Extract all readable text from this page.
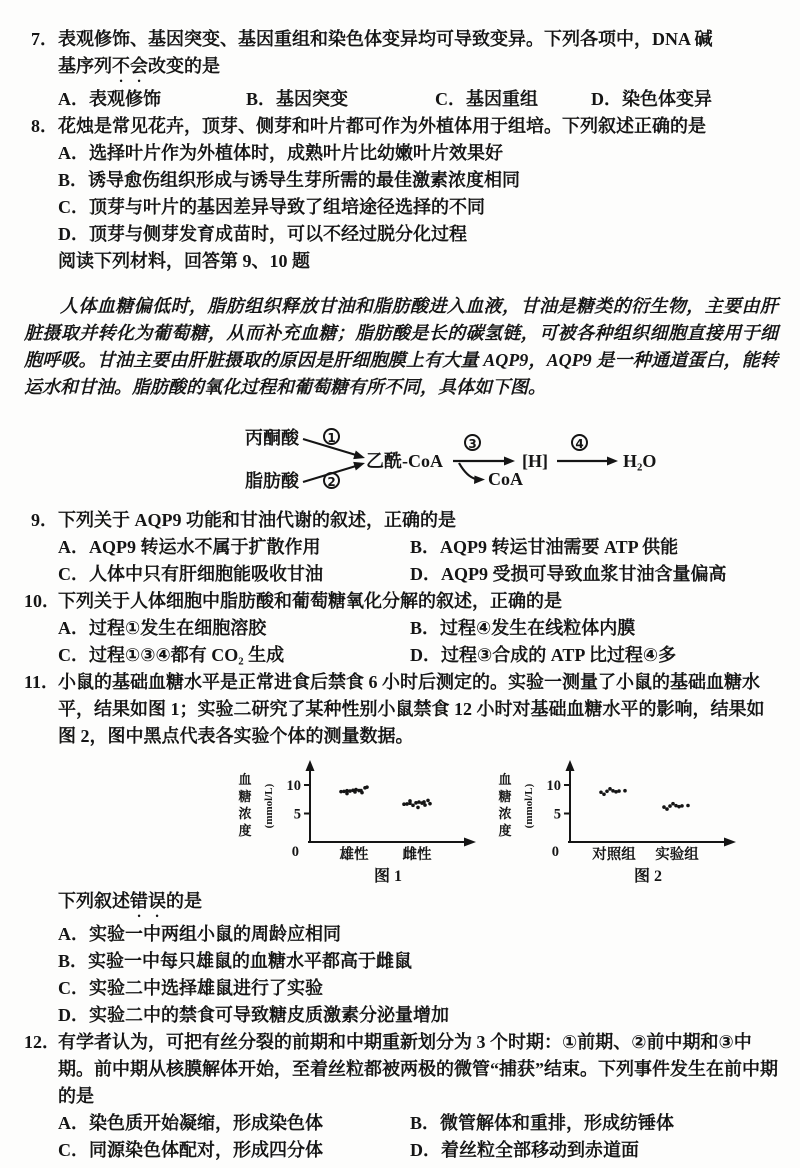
7． 表观修饰、基因突变、基因重组和染色体变异均可导致变异。下列各项中，DNA 碱
基序列不会改变的是
A．表观修饰	B．基因突变	C．基因重组	D．染色体变异
8． 花烛是常见花卉，顶芽、侧芽和叶片都可作为外植体用于组培。下列叙述正确的是
A．选择叶片作为外植体时，成熟叶片比幼嫩叶片效果好
B．诱导愈伤组织形成与诱导生芽所需的最佳激素浓度相同
C．顶芽与叶片的基因差异导致了组培途径选择的不同
D．顶芽与侧芽发育成苗时，可以不经过脱分化过程
阅读下列材料，回答第 9、10 题

人体血糖偏低时，脂肪组织释放甘油和脂肪酸进入血液，甘油是糖类的衍生物，主要由肝脏摄取并转化为葡萄糖，从而补充血糖；脂肪酸是长的碳氢链，可被各种组织细胞直接用于细胞呼吸。甘油主要由肝脏摄取的原因是肝细胞膜上有大量 AQP9，AQP9 是一种通道蛋白，能转运水和甘油。脂肪酸的氧化过程和葡萄糖有所不同，具体如下图。

丙酮酸
脂肪酸
1
2
乙酰-CoA
3
CoA
[H]
4
H₂O
9． 下列关于 AQP9 功能和甘油代谢的叙述，正确的是
A．AQP9 转运水不属于扩散作用	B．AQP9 转运甘油需要 ATP 供能
C．人体中只有肝细胞能吸收甘油	D．AQP9 受损可导致血浆甘油含量偏高
10．
下列关于人体细胞中脂肪酸和葡萄糖氧化分解的叙述，正确的是
A．过程①发生在细胞溶胶	B．过程④发生在线粒体内膜
C．过程①③④都有 CO₂ 生成	D．过程③合成的 ATP 比过程④多
11．
小鼠的基础血糖水平是正常进食后禁食 6 小时后测定的。实验一测量了小鼠的基础血糖水平，结果如图 1；实验二研究了某种性别小鼠禁食 12 小时对基础血糖水平的影响，结果如图 2，图中黑点代表各实验个体的测量数据。
血
糖
浓
度
(mmol/L) 5
10
0	雄性 雌性
图 1
血
糖
浓
度
(mmol/L) 5
10
0 对照组 实验组
图 2
下列叙述错误的是
A．实验一中两组小鼠的周龄应相同
B．实验一中每只雄鼠的血糖水平都高于雌鼠
C．实验二中选择雄鼠进行了实验
D．实验二中的禁食可导致糖皮质激素分泌量增加
12．
有学者认为，可把有丝分裂的前期和中期重新划分为 3 个时期：①前期、②前中期和③中期。前中期从核膜解体开始，至着丝粒都被两极的微管“捕获”结束。下列事件发生在前中期的是
A．染色质开始凝缩，形成染色体	B．微管解体和重排，形成纺锤体
C．同源染色体配对，形成四分体	D．着丝粒全部移动到赤道面
